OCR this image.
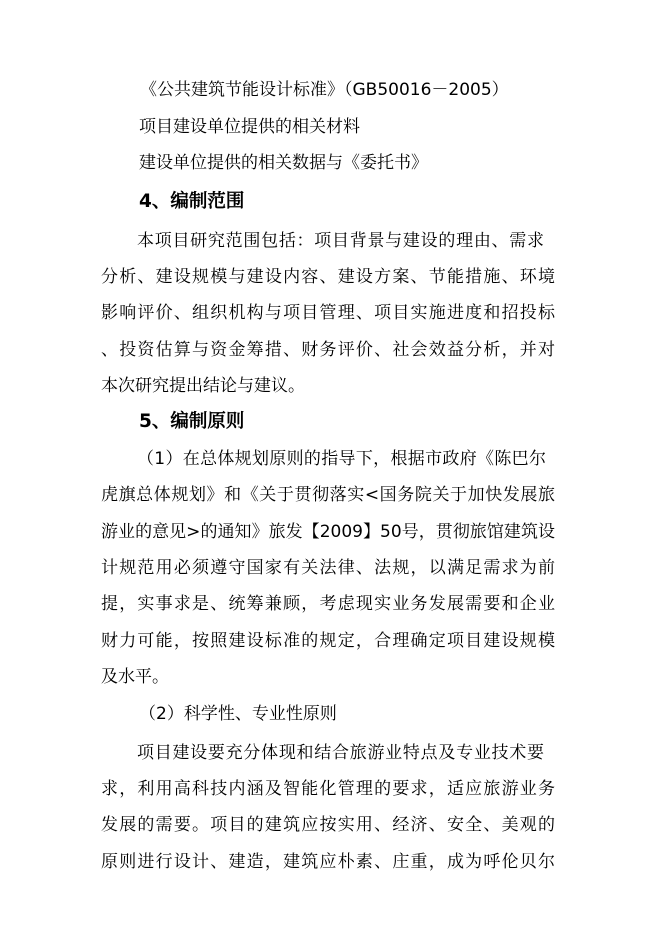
《公共建筑节能设计标准》（GB50016－2005）
项目建设单位提供的相关材料
建设单位提供的相关数据与《委托书》
4、编制范围
本项目研究范围包括：项目背景与建设的理由、需求
分析、建设规模与建设内容、建设方案、节能措施、环境
影响评价、组织机构与项目管理、项目实施进度和招投标
、投资估算与资金筹措、财务评价、社会效益分析，并对
本次研究提出结论与建议。
5、编制原则
（1）在总体规划原则的指导下，根据市政府《陈巴尔
虎旗总体规划》和《关于贯彻落实<国务院关于加快发展旅
游业的意见>的通知》旅发【2009】50号，贯彻旅馆建筑设
计规范用必须遵守国家有关法律、法规，以满足需求为前
提，实事求是、统筹兼顾，考虑现实业务发展需要和企业
财力可能，按照建设标准的规定，合理确定项目建设规模
及水平。
（2）科学性、专业性原则
项目建设要充分体现和结合旅游业特点及专业技术要
求，利用高科技内涵及智能化管理的要求，适应旅游业务
发展的需要。项目的建筑应按实用、经济、安全、美观的
原则进行设计、建造，建筑应朴素、庄重，成为呼伦贝尔
